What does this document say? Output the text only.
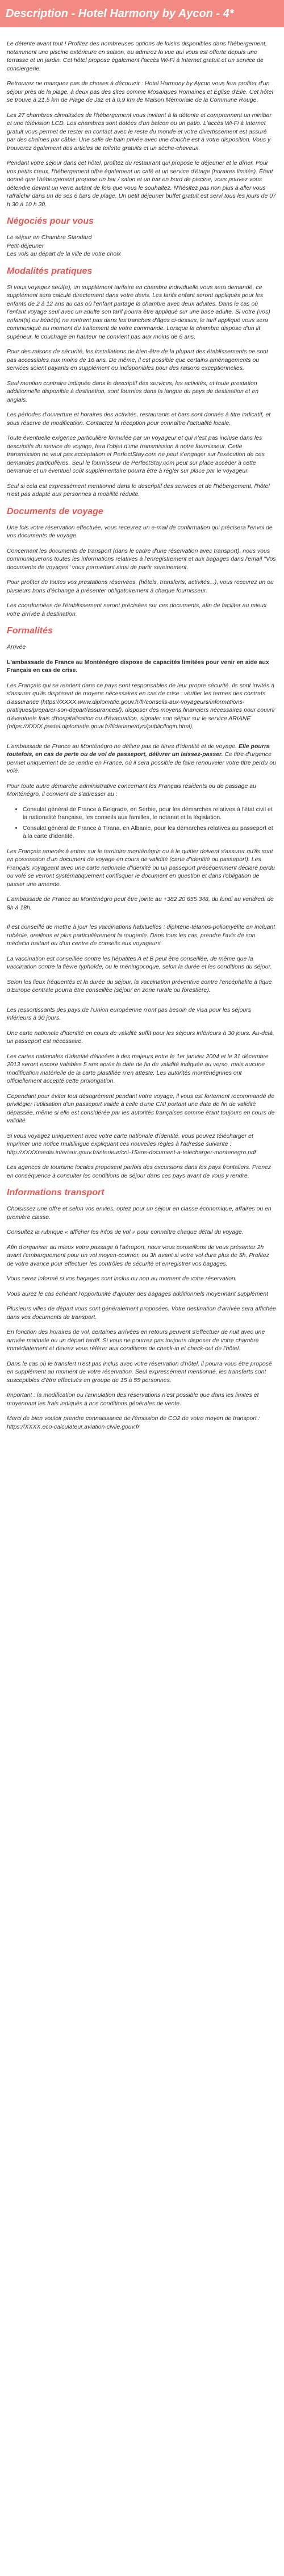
Description - Hotel Harmony by Aycon - 4*

Le détente avant tout ! Profitez des nombreuses options de loisirs disponibles dans l'hébergement, notamment une piscine extérieure en saison, ou admirez la vue qui vous est offerte depuis une terrasse et un jardin. Cet hôtel propose également l'accès Wi-Fi à Internet gratuit et un service de conciergerie.

Retrouvez ne manquez pas de choses à découvrir : Hotel Harmony by Aycon vous fera profiter d'un séjour près de la plage, à deux pas des sites comme Mosaïques Romaines et Église d'Élie. Cet hôtel se trouve à 21,5 km de Plage de Jaz et à 0,9 km de Maison Mémoriale de la Commune Rouge.

Les 27 chambres climatisées de l'hébergement vous invitent à la détente et comprennent un minibar et une télévision LCD. Les chambres sont dotées d'un balcon ou un patio. L'accès Wi-Fi à Internet gratuit vous permet de rester en contact avec le reste du monde et votre divertissement est assuré par des chaînes par câble. Une salle de bain privée avec une douche est à votre disposition. Vous y trouverez également des articles de toilette gratuits et un sèche-cheveux.

Pendant votre séjour dans cet hôtel, profitez du restaurant qui propose le déjeuner et le dîner. Pour vos petits creux, l'hébergement offre également un café et un service d'étage (horaires limités). Étant donné que l'hébergement propose un bar / salon et un bar en bord de piscine, vous pouvez vous détendre devant un verre autant de fois que vous le souhaitez. N'hésitez pas non plus à aller vous rafraîchir dans un de ses 6 bars de plage. Un petit déjeuner buffet gratuit est servi tous les jours de 07 h 30 à 10 h 30.

Négociés pour vous

Le séjour en Chambre Standard
Petit-déjeuner
Les vols au départ de la ville de votre choix

Modalités pratiques

Si vous voyagez seul(e), un supplément tarifaire en chambre individuelle vous sera demandé, ce supplément sera calculé directement dans votre devis. Les tarifs enfant seront appliqués pour les enfants de 2 à 12 ans au cas où l'enfant partage la chambre avec deux adultes. Dans le cas où l'enfant voyage seul avec un adulte son tarif pourra être appliqué sur une base adulte. Si votre (vos) enfant(s) ou bébé(s) ne rentrent pas dans les tranches d'âges ci-dessus, le tarif appliqué vous sera communiqué au moment du traitement de votre commande. Lorsque la chambre dispose d'un lit supérieur, le couchage en hauteur ne convient pas aux moins de 6 ans.

Pour des raisons de sécurité, les installations de bien-être de la plupart des établissements ne sont pas accessibles aux moins de 16 ans. De même, il est possible que certains aménagements ou services soient payants en supplément ou indisponibles pour des raisons exceptionnelles.

Seul mention contraire indiquée dans le descriptif des services, les activités, et toute prestation additionnelle disponible à destination, sont fournies dans la langue du pays de destination et en anglais.

Les périodes d'ouverture et horaires des activités, restaurants et bars sont donnés à titre indicatif, et sous réserve de modification. Contactez la réception pour connaître l'actualité locale.

Toute éventuelle exigence particulière formulée par un voyageur et qui n'est pas incluse dans les descriptifs du service de voyage, fera l'objet d'une transmission à notre fournisseur. Cette transmission ne vaut pas acceptation et PerfectStay.com ne peut s'engager sur l'exécution de ces demandes particulières. Seul le fournisseur de PerfectStay.com peut sur place accéder à cette demande et un éventuel coût supplémentaire pourra être à régler sur place par le voyageur.

Seul si cela est expressément mentionné dans le descriptif des services et de l'hébergement, l'hôtel n'est pas adapté aux personnes à mobilité réduite.

Documents de voyage

Une fois votre réservation effectuée, vous recevrez un e-mail de confirmation qui précisera l'envoi de vos documents de voyage.

Concernant les documents de transport (dans le cadre d'une réservation avec transport), nous vous communiquerons toutes les informations relatives à l'enregistrement et aux bagages dans l'email "Vos documents de voyages" vous permettant ainsi de partir sereinement.

Pour profiter de toutes vos prestations réservées, (hôtels, transferts, activités...), vous recevrez un ou plusieurs bons d'échange à présenter obligatoirement à chaque fournisseur.

Les coordonnées de l'établissement seront précisées sur ces documents, afin de faciliter au mieux votre arrivée à destination.

Formalités

Arrivée

L'ambassade de France au Monténégro dispose de capacités limitées pour venir en aide aux Français en cas de crise.

Les Français qui se rendent dans ce pays sont responsables de leur propre sécurité. Ils sont invités à s'assurer qu'ils disposent de moyens nécessaires en cas de crise : vérifier les termes des contrats d'assurance (https://XXXX.www.diplomatie.gouv.fr/fr/conseils-aux-voyageurs/informations-pratiques/preparer-son-depart/assurances/), disposer des moyens financiers nécessaires pour couvrir d'éventuels frais d'hospitalisation ou d'évacuation, signaler son séjour sur le service ARIANE (https://XXXX.pastel.diplomatie.gouv.fr/fildariane/dyn/public/login.html).

L'ambassade de France au Monténégro ne délivre pas de titres d'identité et de voyage. Elle pourra toutefois, en cas de perte ou de vol de passeport, délivrer un laissez-passer. Ce titre d'urgence permet uniquement de se rendre en France, où il sera possible de faire renouveler votre titre perdu ou volé.

Pour toute autre démarche administrative concernant les Français résidents ou de passage au Monténégro, il convient de s'adresser au :

• Consulat général de France à Belgrade, en Serbie, pour les démarches relatives à l'état civil et la nationalité française, les conseils aux familles, le notariat et la législation.
• Consulat général de France à Tirana, en Albanie, pour les démarches relatives au passeport et à la carte d'identité.

Les Français amenés à entrer sur le territoire monténégrin ou à le quitter doivent s'assurer qu'ils sont en possession d'un document de voyage en cours de validité (carte d'identité ou passeport). Les Français voyageant avec une carte nationale d'identité ou un passeport précédemment déclaré perdu ou volé se verront systématiquement confisquer le document en question et dans l'obligation de passer une amende.

L'ambassade de France au Monténégro peut être jointe au +382 20 655 348, du lundi au vendredi de 8h à 18h.

Il est conseillé de mettre à jour les vaccinations habituelles : diphtérie-tétanos-poliomyélite en incluant rubéole, oreillons et plus particulièrement la rougeole. Dans tous les cas, prendre l'avis de son médecin traitant ou d'un centre de conseils aux voyageurs.

La vaccination est conseillée contre les hépatites A et B peut être conseillée, de même que la vaccination contre la fièvre typhoïde, ou le méningocoque, selon la durée et les conditions du séjour.

Selon les lieux fréquentés et la durée du séjour, la vaccination préventive contre l'encéphalite à tique d'Europe centrale pourra être conseillée (séjour en zone rurale ou forestière).

Les ressortissants des pays de l'Union européenne n'ont pas besoin de visa pour les séjours inférieurs à 90 jours.

Une carte nationale d'identité en cours de validité suffit pour les séjours inférieurs à 30 jours. Au-delà, un passeport est nécessaire.

Les cartes nationales d'identité délivrées à des majeurs entre le 1er janvier 2004 et le 31 décembre 2013 seront encore valables 5 ans après la date de fin de validité indiquée au verso, mais aucune modification matérielle de la carte plastifiée n'en atteste. Les autorités monténégrines ont officiellement accepté cette prolongation.

Cependant pour éviter tout désagrément pendant votre voyage, il vous est fortement recommandé de privilégier l'utilisation d'un passeport valide à celle d'une CNI portant une date de fin de validité dépassée, même si elle est considérée par les autorités françaises comme étant toujours en cours de validité.

Si vous voyagez uniquement avec votre carte nationale d'identité, vous pouvez télécharger et imprimer une notice multilingue expliquant ces nouvelles règles à l'adresse suivante : http://XXXXmedia.interieur.gouv.fr/interieur/cni-15ans-document-a-telecharger-montenegro.pdf

Les agences de tourisme locales proposent parfois des excursions dans les pays frontaliers. Prenez en conséquence à consulter les conditions de séjour dans ces pays avant de vous y rendre.

Informations transport

Choisissez une offre et selon vos envies, optez pour un séjour en classe économique, affaires ou en première classe.

Consultez la rubrique « afficher les infos de vol » pour connaître chaque détail du voyage.

Afin d'organiser au mieux votre passage à l'aéroport, nous vous conseillons de vous présenter 2h avant l'embarquement pour un vol moyen-courrier, ou 3h avant si votre vol dure plus de 5h. Profitez de votre avance pour effectuer les contrôles de sécurité et enregistrer vos bagages.

Vous serez informé si vos bagages sont inclus ou non au moment de votre réservation.

Vous aurez le cas échéant l'opportunité d'ajouter des bagages additionnels moyennant supplément

Plusieurs villes de départ vous sont généralement proposées. Votre destination d'arrivée sera affichée dans vos documents de transport.

En fonction des horaires de vol, certaines arrivées en retours peuvent s'effectuer de nuit avec une arrivée matinale ou un départ tardif. Si vous ne pourrez pas toujours disposer de votre chambre immédiatement et devrez vous référer aux conditions de check-in et check-out de l'hôtel.

Dans le cas où le transfert n'est pas inclus avec votre réservation d'hôtel, il pourra vous être proposé en supplément au moment de votre réservation. Seul expressément mentionné, les transferts sont susceptibles d'être effectués en groupe de 15 à 55 personnes.

Important : la modification ou l'annulation des réservations n'est possible que dans les limites et moyennant les frais indiqués à nos conditions générales de vente.

Merci de bien vouloir prendre connaissance de l'émission de CO2 de votre moyen de transport : https://XXXX.eco-calculateur.aviation-civile.gouv.fr
